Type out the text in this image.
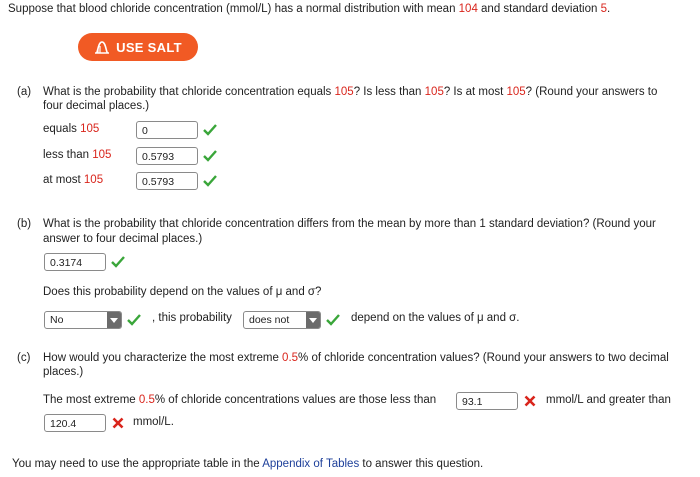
Suppose that blood chloride concentration (mmol/L) has a normal distribution with mean 104 and standard deviation 5.
USE SALT
(a) What is the probability that chloride concentration equals 105? Is less than 105? Is at most 105? (Round your answers to
four decimal places.)
equals 105	0
less than 105	0.5793
at most 105	0.5793
(b) What is the probability that chloride concentration differs from the mean by more than 1 standard deviation? (Round your
answer to four decimal places.)
0.3174
Does this probability depend on the values of μ and σ?
No	, this probability	does not	depend on the values of μ and σ.
(c) How would you characterize the most extreme 0.5% of chloride concentration values? (Round your answers to two decimal
places.)
The most extreme 0.5% of chloride concentrations values are those less than	93.1	mmol/L and greater than
120.4	mmol/L.
You may need to use the appropriate table in the Appendix of Tables to answer this question.
